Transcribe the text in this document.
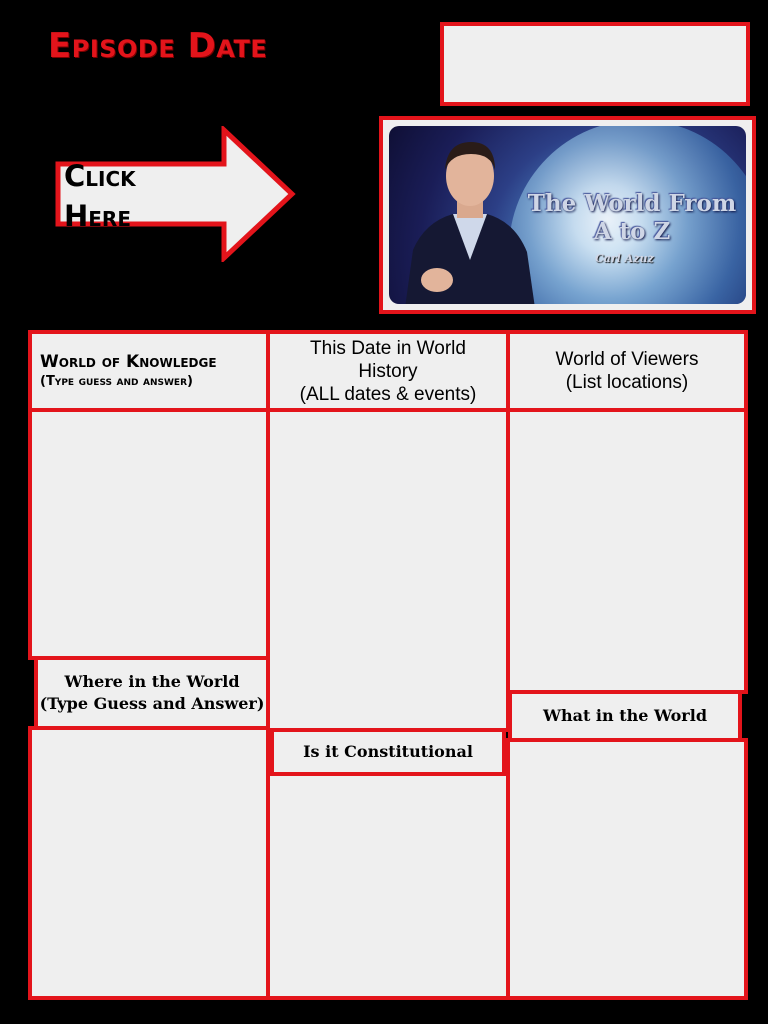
Episode Date
Click
Here	The World From
A to Z
Carl Azuz
World of Knowledge
(Type guess and answer)
Where in the World
(Type Guess and Answer)
This Date in World
History
(ALL dates & events)
Is it Constitutional
World of Viewers
(List locations)
What in the World
